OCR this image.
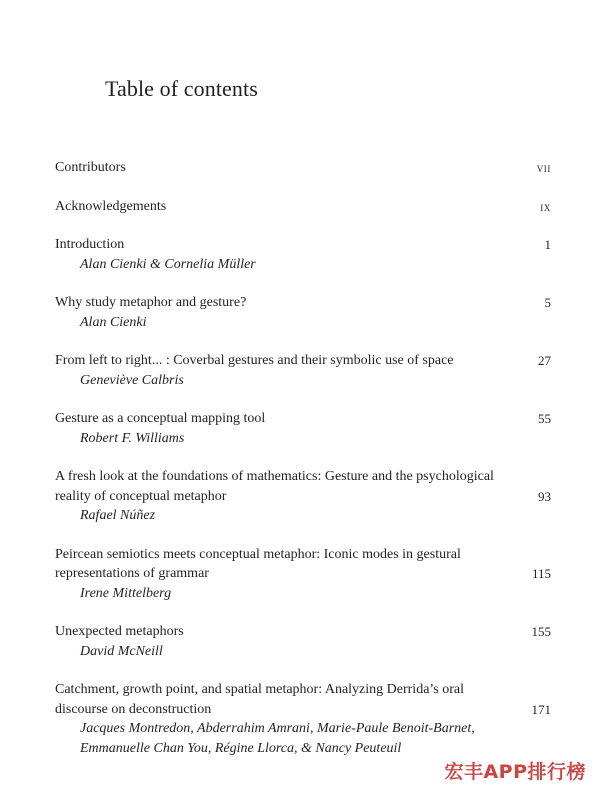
Table of contents
Contributors	vii
Acknowledgements	ix
Introduction
Alan Cienki & Cornelia Müller
1
Why study metaphor and gesture?
Alan Cienki
5
From left to right... : Coverbal gestures and their symbolic use of space
Geneviève Calbris
27
Gesture as a conceptual mapping tool
Robert F. Williams
55
A fresh look at the foundations of mathematics: Gesture and the psychological reality of conceptual metaphor
Rafael Núñez
93
Peircean semiotics meets conceptual metaphor: Iconic modes in gestural representations of grammar
Irene Mittelberg
115
Unexpected metaphors
David McNeill
155
Catchment, growth point, and spatial metaphor: Analyzing Derrida’s oral discourse on deconstruction
Jacques Montredon, Abderrahim Amrani, Marie-Paule Benoit-Barnet, Emmanuelle Chan You, Régine Llorca, & Nancy Peuteuil
171
宏丰APP排行榜
